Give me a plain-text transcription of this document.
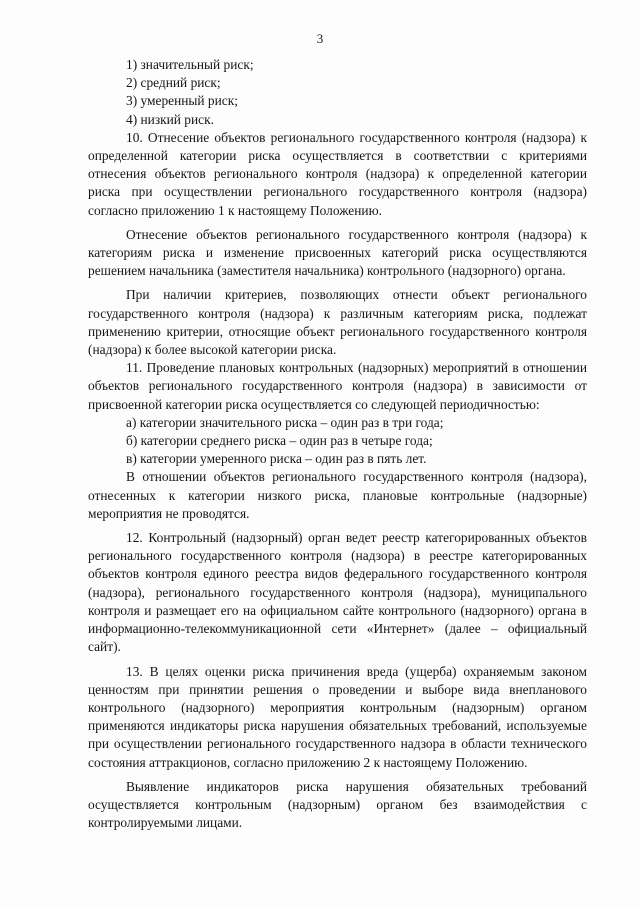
3

1) значительный риск;

2) средний риск;

3) умеренный риск;

4) низкий риск.

10. Отнесение объектов регионального государственного контроля (надзора) к определенной категории риска осуществляется в соответствии с критериями отнесения объектов регионального контроля (надзора) к определенной категории риска при осуществлении регионального государственного контроля (надзора) согласно приложению 1 к настоящему Положению.

Отнесение объектов регионального государственного контроля (надзора) к категориям риска и изменение присвоенных категорий риска осуществляются решением начальника (заместителя начальника) контрольного (надзорного) органа.

При наличии критериев, позволяющих отнести объект регионального государственного контроля (надзора) к различным категориям риска, подлежат применению критерии, относящие объект регионального государственного контроля (надзора) к более высокой категории риска.

11. Проведение плановых контрольных (надзорных) мероприятий в отношении объектов регионального государственного контроля (надзора) в зависимости от присвоенной категории риска осуществляется со следующей периодичностью:

а) категории значительного риска – один раз в три года;

б) категории среднего риска – один раз в четыре года;

в) категории умеренного риска – один раз в пять лет.

В отношении объектов регионального государственного контроля (надзора), отнесенных к категории низкого риска, плановые контрольные (надзорные) мероприятия не проводятся.

12. Контрольный (надзорный) орган ведет реестр категорированных объектов регионального государственного контроля (надзора) в реестре категорированных объектов контроля единого реестра видов федерального государственного контроля (надзора), регионального государственного контроля (надзора), муниципального контроля и размещает его на официальном сайте контрольного (надзорного) органа в информационно-телекоммуникационной сети «Интернет» (далее – официальный сайт).

13. В целях оценки риска причинения вреда (ущерба) охраняемым законом ценностям при принятии решения о проведении и выборе вида внепланового контрольного (надзорного) мероприятия контрольным (надзорным) органом применяются индикаторы риска нарушения обязательных требований, используемые при осуществлении регионального государственного надзора в области технического состояния аттракционов, согласно приложению 2 к настоящему Положению.

Выявление индикаторов риска нарушения обязательных требований осуществляется контрольным (надзорным) органом без взаимодействия с контролируемыми лицами.
